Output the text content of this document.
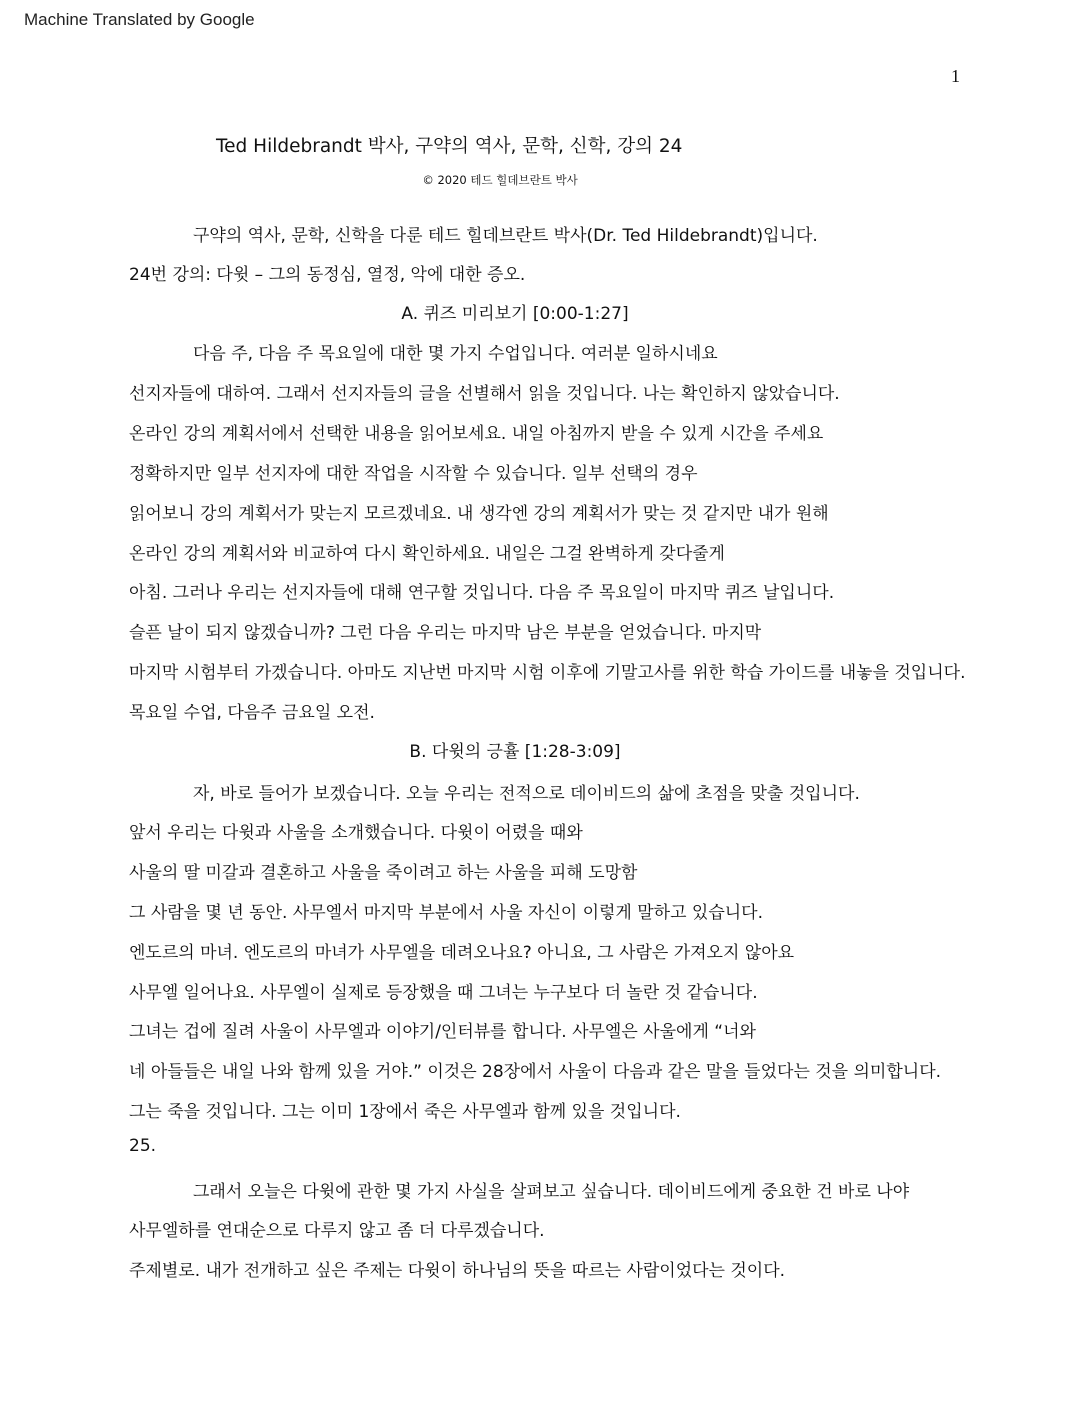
Machine Translated by Google
1
Ted Hildebrandt 박사, 구약의 역사, 문학, 신학, 강의 24
© 2020 테드 힐데브란트 박사
구약의 역사, 문학, 신학을 다룬 테드 힐데브란트 박사(Dr. Ted Hildebrandt)입니다.
24번 강의: 다윗 – 그의 동정심, 열정, 악에 대한 증오.
A. 퀴즈 미리보기 [0:00-1:27]
다음 주, 다음 주 목요일에 대한 몇 가지 수업입니다. 여러분 일하시네요
선지자들에 대하여. 그래서 선지자들의 글을 선별해서 읽을 것입니다. 나는 확인하지 않았습니다.
온라인 강의 계획서에서 선택한 내용을 읽어보세요. 내일 아침까지 받을 수 있게 시간을 주세요
정확하지만 일부 선지자에 대한 작업을 시작할 수 있습니다. 일부 선택의 경우
읽어보니 강의 계획서가 맞는지 모르겠네요. 내 생각엔 강의 계획서가 맞는 것 같지만 내가 원해
온라인 강의 계획서와 비교하여 다시 확인하세요. 내일은 그걸 완벽하게 갖다줄게
아침. 그러나 우리는 선지자들에 대해 연구할 것입니다. 다음 주 목요일이 마지막 퀴즈 날입니다.
슬픈 날이 되지 않겠습니까? 그런 다음 우리는 마지막 남은 부분을 얻었습니다. 마지막
마지막 시험부터 가겠습니다. 아마도 지난번 마지막 시험 이후에 기말고사를 위한 학습 가이드를 내놓을 것입니다.
목요일 수업, 다음주 금요일 오전.
B. 다윗의 긍휼 [1:28-3:09]
자, 바로 들어가 보겠습니다. 오늘 우리는 전적으로 데이비드의 삶에 초점을 맞출 것입니다.
앞서 우리는 다윗과 사울을 소개했습니다. 다윗이 어렸을 때와
사울의 딸 미갈과 결혼하고 사울을 죽이려고 하는 사울을 피해 도망함
그 사람을 몇 년 동안. 사무엘서 마지막 부분에서 사울 자신이 이렇게 말하고 있습니다.
엔도르의 마녀. 엔도르의 마녀가 사무엘을 데려오나요? 아니요, 그 사람은 가져오지 않아요
사무엘 일어나요. 사무엘이 실제로 등장했을 때 그녀는 누구보다 더 놀란 것 같습니다.
그녀는 겁에 질려 사울이 사무엘과 이야기/인터뷰를 합니다. 사무엘은 사울에게 “너와
네 아들들은 내일 나와 함께 있을 거야.” 이것은 28장에서 사울이 다음과 같은 말을 들었다는 것을 의미합니다.
그는 죽을 것입니다. 그는 이미 1장에서 죽은 사무엘과 함께 있을 것입니다.
25.
그래서 오늘은 다윗에 관한 몇 가지 사실을 살펴보고 싶습니다. 데이비드에게 중요한 건 바로 나야
사무엘하를 연대순으로 다루지 않고 좀 더 다루겠습니다.
주제별로. 내가 전개하고 싶은 주제는 다윗이 하나님의 뜻을 따르는 사람이었다는 것이다.
